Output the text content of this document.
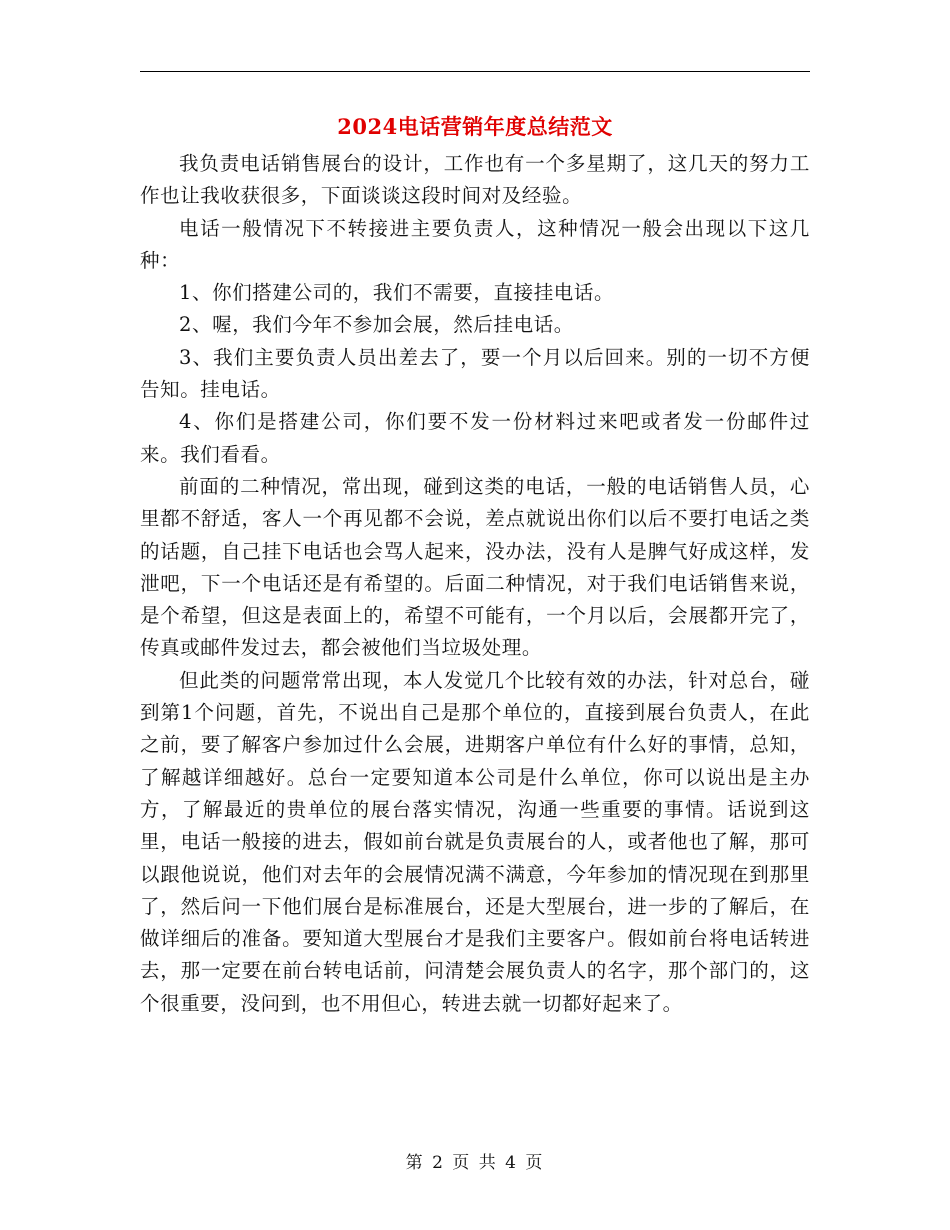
2024电话营销年度总结范文

我负责电话销售展台的设计，工作也有一个多星期了，这几天的努力工作也让我收获很多，下面谈谈这段时间对及经验。

电话一般情况下不转接进主要负责人，这种情况一般会出现以下这几种：

1、你们搭建公司的，我们不需要，直接挂电话。

2、喔，我们今年不参加会展，然后挂电话。

3、我们主要负责人员出差去了，要一个月以后回来。别的一切不方便告知。挂电话。

4、你们是搭建公司，你们要不发一份材料过来吧或者发一份邮件过来。我们看看。

前面的二种情况，常出现，碰到这类的电话，一般的电话销售人员，心里都不舒适，客人一个再见都不会说，差点就说出你们以后不要打电话之类的话题，自己挂下电话也会骂人起来，没办法，没有人是脾气好成这样，发泄吧，下一个电话还是有希望的。后面二种情况，对于我们电话销售来说，是个希望，但这是表面上的，希望不可能有，一个月以后，会展都开完了，传真或邮件发过去，都会被他们当垃圾处理。

但此类的问题常常出现，本人发觉几个比较有效的办法，针对总台，碰到第1个问题，首先，不说出自己是那个单位的，直接到展台负责人，在此之前，要了解客户参加过什么会展，进期客户单位有什么好的事情，总知，了解越详细越好。总台一定要知道本公司是什么单位，你可以说出是主办方，了解最近的贵单位的展台落实情况，沟通一些重要的事情。话说到这里，电话一般接的进去，假如前台就是负责展台的人，或者他也了解，那可以跟他说说，他们对去年的会展情况满不满意，今年参加的情况现在到那里了，然后问一下他们展台是标准展台，还是大型展台，进一步的了解后，在做详细后的准备。要知道大型展台才是我们主要客户。假如前台将电话转进去，那一定要在前台转电话前，问清楚会展负责人的名字，那个部门的，这个很重要，没问到，也不用但心，转进去就一切都好起来了。

第 2 页 共 4 页
